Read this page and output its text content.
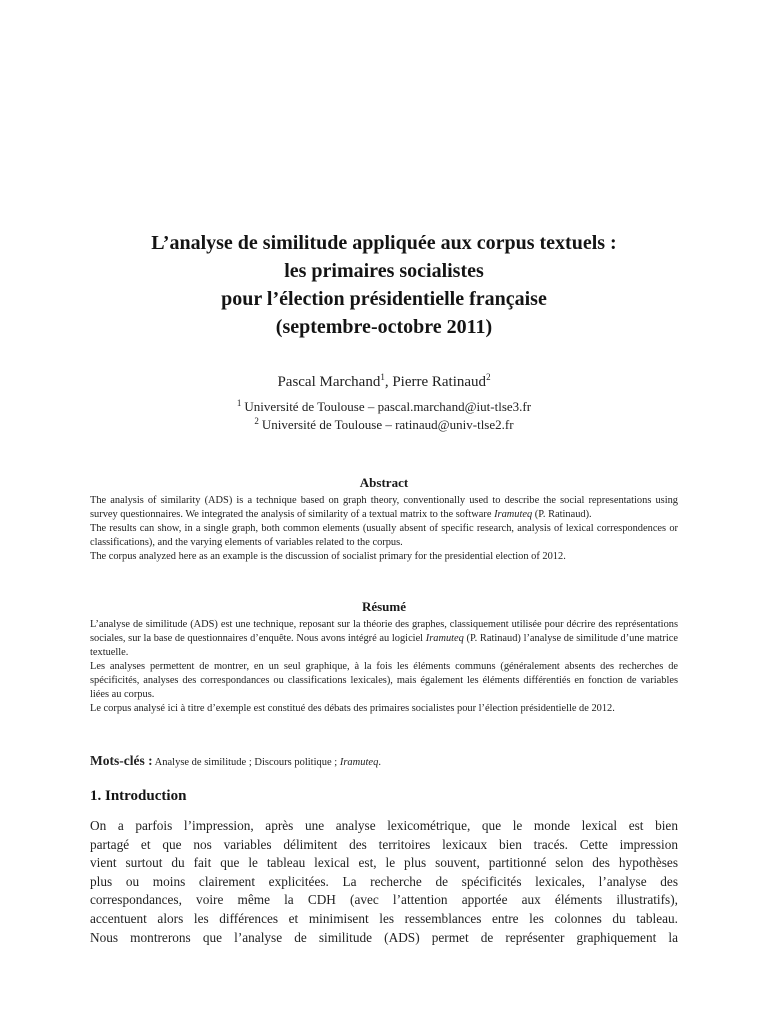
L’analyse de similitude appliquée aux corpus textuels :
les primaires socialistes
pour l’élection présidentielle française
(septembre-octobre 2011)
Pascal Marchand$^1$, Pierre Ratinaud$^2$
$^1$ Université de Toulouse – pascal.marchand@iut-tlse3.fr
$^2$ Université de Toulouse – ratinaud@univ-tlse2.fr
Abstract

The analysis of similarity (ADS) is a technique based on graph theory, conventionally used to describe the social representations using survey questionnaires. We integrated the analysis of similarity of a textual matrix to the software Iramuteq (P. Ratinaud).

The results can show, in a single graph, both common elements (usually absent of specific research, analysis of lexical correspondences or classifications), and the varying elements of variables related to the corpus.

The corpus analyzed here as an example is the discussion of socialist primary for the presidential election of 2012.

Résumé

L’analyse de similitude (ADS) est une technique, reposant sur la théorie des graphes, classiquement utilisée pour décrire des représentations sociales, sur la base de questionnaires d’enquête. Nous avons intégré au logiciel Iramuteq (P. Ratinaud) l’analyse de similitude d’une matrice textuelle.

Les analyses permettent de montrer, en un seul graphique, à la fois les éléments communs (généralement absents des recherches de spécificités, analyses des correspondances ou classifications lexicales), mais également les éléments différentiés en fonction de variables liées au corpus.

Le corpus analysé ici à titre d’exemple est constitué des débats des primaires socialistes pour l’élection présidentielle de 2012.

Mots-clés : Analyse de similitude ; Discours politique ; Iramuteq.
1. Introduction

On a parfois l’impression, après une analyse lexicométrique, que le monde lexical est bien

partagé et que nos variables délimitent des territoires lexicaux bien tracés. Cette impression

vient surtout du fait que le tableau lexical est, le plus souvent, partitionné selon des hypothèses

plus ou moins clairement explicitées. La recherche de spécificités lexicales, l’analyse des

correspondances, voire même la CDH (avec l’attention apportée aux éléments illustratifs),

accentuent alors les différences et minimisent les ressemblances entre les colonnes du tableau.

Nous montrerons que l’analyse de similitude (ADS) permet de représenter graphiquement la
